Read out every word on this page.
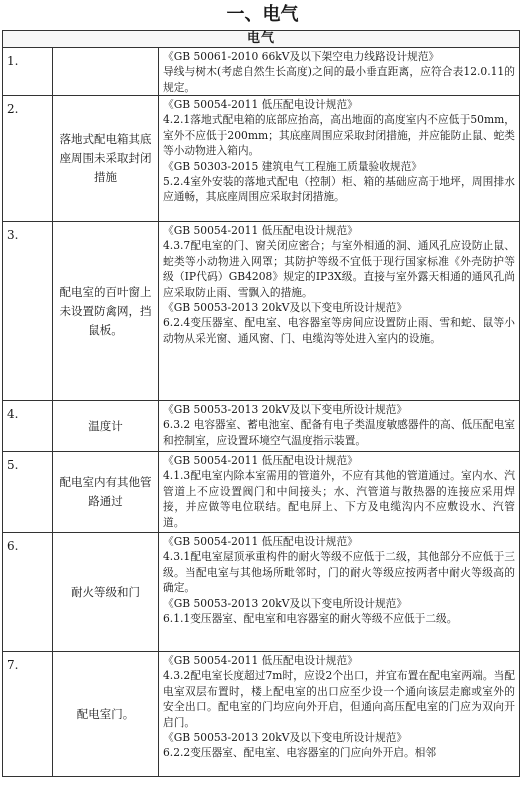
一、电气
电气
1.	《GB 50061-2010 66kV及以下架空电力线路设计规范》

导线与树木(考虑自然生长高度)之间的最小垂直距离，应符合表12.0.11的规定。

2.
落地式配电箱其底座周围未采取封闭措施

《GB 50054-2011 低压配电设计规范》

4.2.1落地式配电箱的底部应抬高，高出地面的高度室内不应低于50mm，室外不应低于200mm；其底座周围应采取封闭措施，并应能防止鼠、蛇类等小动物进入箱内。

《GB 50303-2015 建筑电气工程施工质量验收规范》

5.2.4室外安装的落地式配电（控制）柜、箱的基础应高于地坪，周围排水应通畅，其底座周围应采取封闭措施。

3.
配电室的百叶窗上未设置防禽网，挡鼠板。

《GB 50054-2011 低压配电设计规范》

4.3.7配电室的门、窗关闭应密合；与室外相通的洞、通风孔应设防止鼠、蛇类等小动物进入网罩；其防护等级不宜低于现行国家标准《外壳防护等级（IP代码）GB4208》规定的IP3X级。直接与室外露天相通的通风孔尚应采取防止雨、雪飘入的措施。

《GB 50053-2013 20kV及以下变电所设计规范》

6.2.4变压器室、配电室、电容器室等房间应设置防止雨、雪和蛇、鼠等小动物从采光窗、通风窗、门、电缆沟等处进入室内的设施。

4.
温度计

《GB 50053-2013 20kV及以下变电所设计规范》

6.3.2 电容器室、蓄电池室、配备有电子类温度敏感器件的高、低压配电室和控制室，应设置环境空气温度指示装置。

5.
配电室内有其他管路通过

《GB 50054-2011 低压配电设计规范》

4.1.3配电室内除本室需用的管道外，不应有其他的管道通过。室内水、汽管道上不应设置阀门和中间接头；水、汽管道与散热器的连接应采用焊接，并应做等电位联结。配电屏上、下方及电缆沟内不应敷设水、汽管道。

6.
耐火等级和门

《GB 50054-2011 低压配电设计规范》

4.3.1配电室屋顶承重构件的耐火等级不应低于二级，其他部分不应低于三级。当配电室与其他场所毗邻时，门的耐火等级应按两者中耐火等级高的确定。

《GB 50053-2013 20kV及以下变电所设计规范》

6.1.1变压器室、配电室和电容器室的耐火等级不应低于二级。

7.
配电室门。

《GB 50054-2011 低压配电设计规范》

4.3.2配电室长度超过7m时，应设2个出口，并宜布置在配电室两端。当配电室双层布置时，楼上配电室的出口应至少设一个通向该层走廊或室外的安全出口。配电室的门均应向外开启，但通向高压配电室的门应为双向开启门。

《GB 50053-2013 20kV及以下变电所设计规范》

6.2.2变压器室、配电室、电容器室的门应向外开启。相邻
